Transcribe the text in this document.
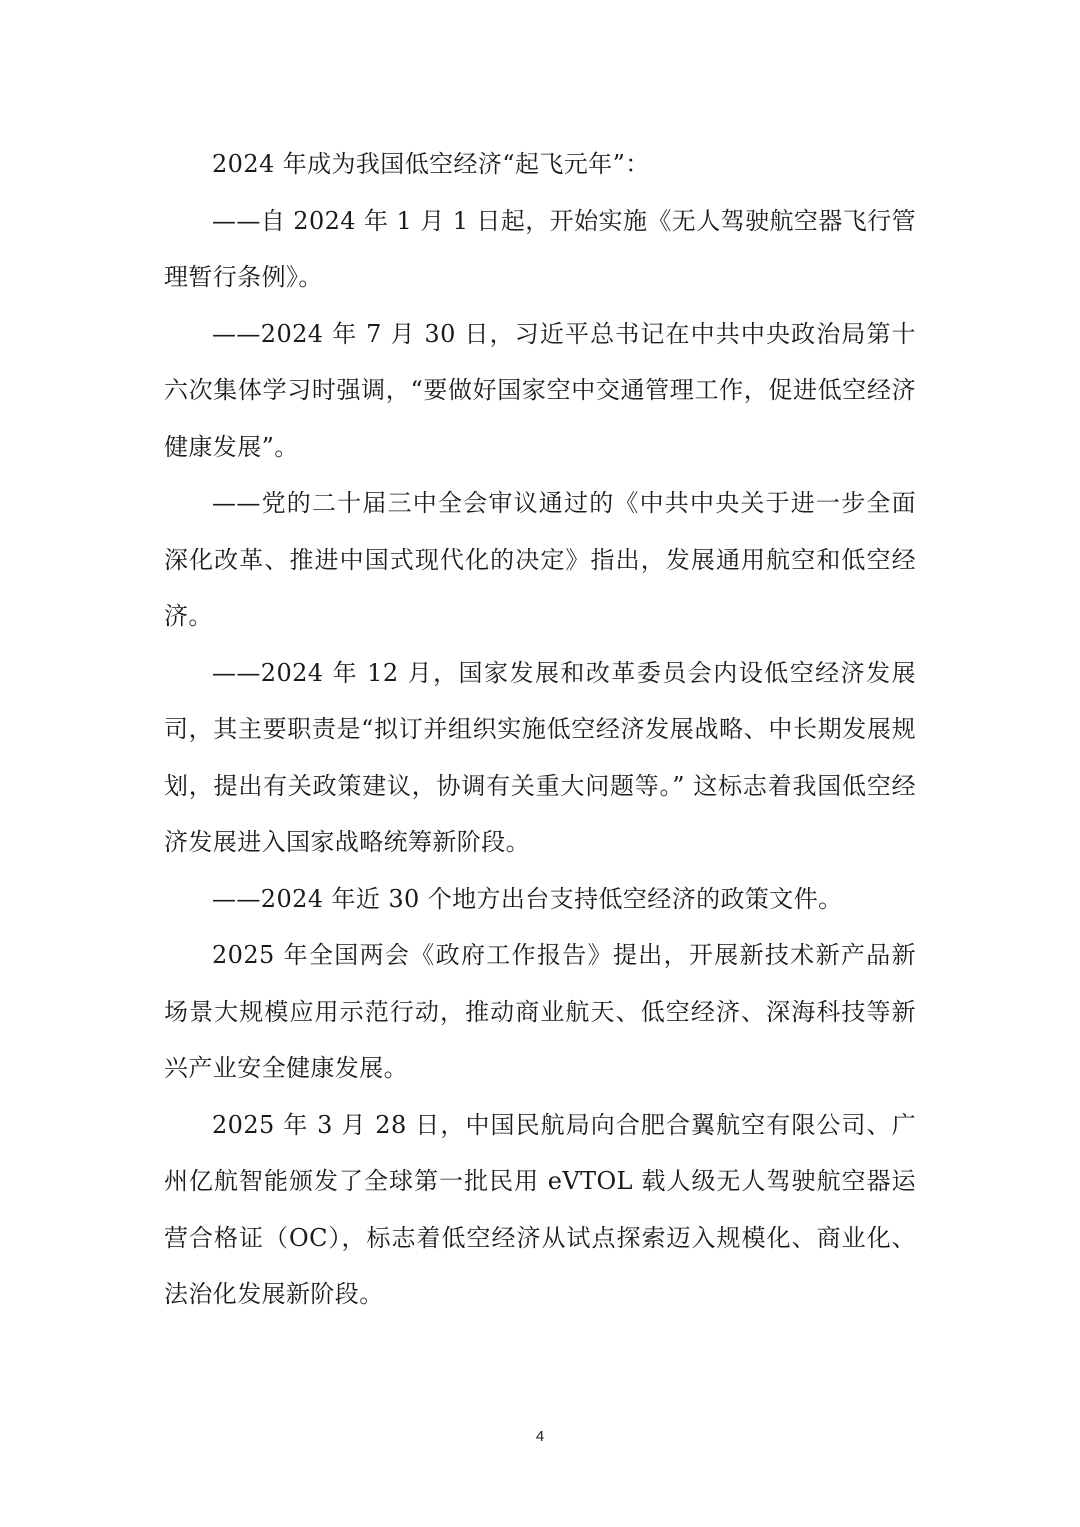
2024 年成为我国低空经济“起飞元年”：

——自 2024 年 1 月 1 日起，开始实施《无人驾驶航空器飞行管理暂行条例》。

——2024 年 7 月 30 日，习近平总书记在中共中央政治局第十六次集体学习时强调，“要做好国家空中交通管理工作，促进低空经济健康发展”。

——党的二十届三中全会审议通过的《中共中央关于进一步全面深化改革、推进中国式现代化的决定》指出，发展通用航空和低空经济。

——2024 年 12 月，国家发展和改革委员会内设低空经济发展司，其主要职责是“拟订并组织实施低空经济发展战略、中长期发展规划，提出有关政策建议，协调有关重大问题等。” 这标志着我国低空经济发展进入国家战略统筹新阶段。

——2024 年近 30 个地方出台支持低空经济的政策文件。

2025 年全国两会《政府工作报告》提出，开展新技术新产品新场景大规模应用示范行动，推动商业航天、低空经济、深海科技等新兴产业安全健康发展。

2025 年 3 月 28 日，中国民航局向合肥合翼航空有限公司、广州亿航智能颁发了全球第一批民用 eVTOL 载人级无人驾驶航空器运营合格证（OC），标志着低空经济从试点探索迈入规模化、商业化、法治化发展新阶段。

4
